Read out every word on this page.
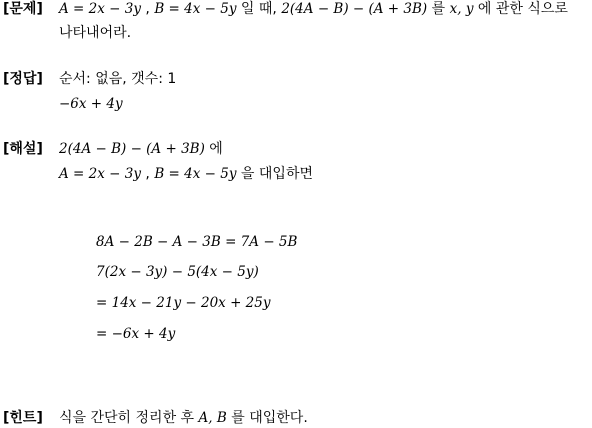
[문제] A = 2x − 3y , B = 4x − 5y 일 때, 2(4A − B) − (A + 3B) 를 x, y 에 관한 식으로
나타내어라.
[정답] 순서: 없음, 갯수: 1
−6x + 4y
[해설] 2(4A − B) − (A + 3B) 에
A = 2x − 3y , B = 4x − 5y 을 대입하면
8A − 2B − A − 3B = 7A − 5B
7(2x − 3y) − 5(4x − 5y)
= 14x − 21y − 20x + 25y
= −6x + 4y
[힌트] 식을 간단히 정리한 후 A, B 를 대입한다.
